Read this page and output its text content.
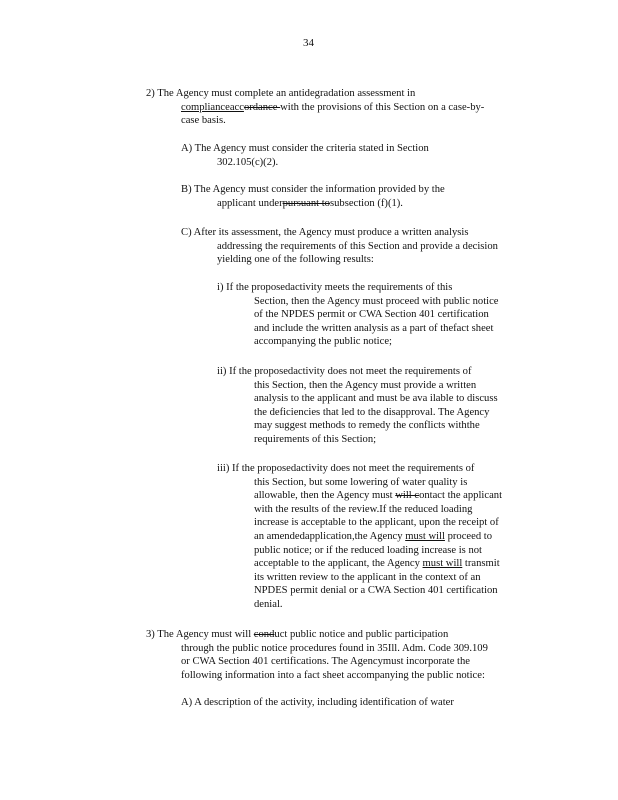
34
2) The Agency must complete an antidegradation assessment in
complianceaccordance with the provisions of this Section on a case-by-
case basis.
A) The Agency must consider the criteria stated in Section
302.105(c)(2).
B) The Agency must consider the information provided by the
applicant underpursuant tosubsection (f)(1).
C) After its assessment, the Agency must produce a written analysis
addressing the requirements of this Section and provide a decision
yielding one of the following results:
i) If the proposedactivity meets the requirements of this
Section, then the Agency must proceed with public notice
of the NPDES permit or CWA Section 401 certification
and include the written analysis as a part of thefact sheet
accompanying the public notice;
ii) If the proposedactivity does not meet the requirements of
this Section, then the Agency must provide a written
analysis to the applicant and must be ava ilable to discuss
the deficiencies that led to the disapproval. The Agency
may suggest methods to remedy the conflicts withthe
requirements of this Section;
iii) If the proposedactivity does not meet the requirements of
this Section, but some lowering of water quality is
allowable, then the Agency must will contact the applicant
with the results of the review.If the reduced loading
increase is acceptable to the applicant, upon the receipt of
an amendedapplication,the Agency must will proceed to
public notice; or if the reduced loading increase is not
acceptable to the applicant, the Agency must will transmit
its written review to the applicant in the context of an
NPDES permit denial or a CWA Section 401 certification
denial.
3) The Agency must will conduct public notice and public participation
through the public notice procedures found in 35Ill. Adm. Code 309.109
or CWA Section 401 certifications. The Agencymust incorporate the
following information into a fact sheet accompanying the public notice:
A) A description of the activity, including identification of water
